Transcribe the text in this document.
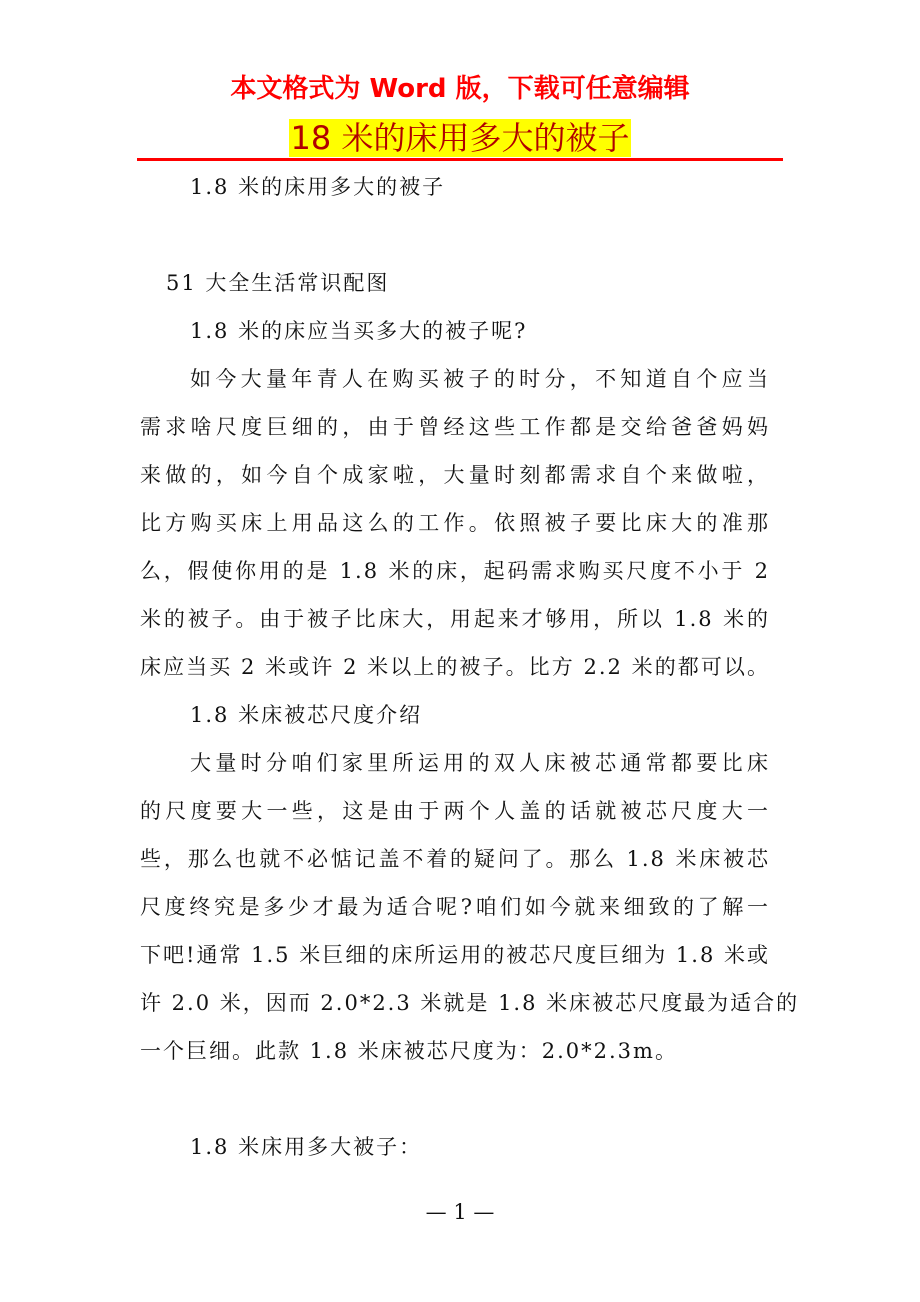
本文格式为 Word 版，下载可任意编辑
18 米的床用多大的被子
1.8 米的床用多大的被子
51 大全生活常识配图
1.8 米的床应当买多大的被子呢?
如今大量年青人在购买被子的时分，不知道自个应当
需求啥尺度巨细的，由于曾经这些工作都是交给爸爸妈妈
来做的，如今自个成家啦，大量时刻都需求自个来做啦，
比方购买床上用品这么的工作。依照被子要比床大的准那
么，假使你用的是 1.8 米的床，起码需求购买尺度不小于 2
米的被子。由于被子比床大，用起来才够用，所以 1.8 米的
床应当买 2 米或许 2 米以上的被子。比方 2.2 米的都可以。
1.8 米床被芯尺度介绍
大量时分咱们家里所运用的双人床被芯通常都要比床
的尺度要大一些，这是由于两个人盖的话就被芯尺度大一
些，那么也就不必惦记盖不着的疑问了。那么 1.8 米床被芯
尺度终究是多少才最为适合呢?咱们如今就来细致的了解一
下吧!通常 1.5 米巨细的床所运用的被芯尺度巨细为 1.8 米或
许 2.0 米，因而 2.0*2.3 米就是 1.8 米床被芯尺度最为适合的
一个巨细。此款 1.8 米床被芯尺度为：2.0*2.3m。
1.8 米床用多大被子：
— 1 —
